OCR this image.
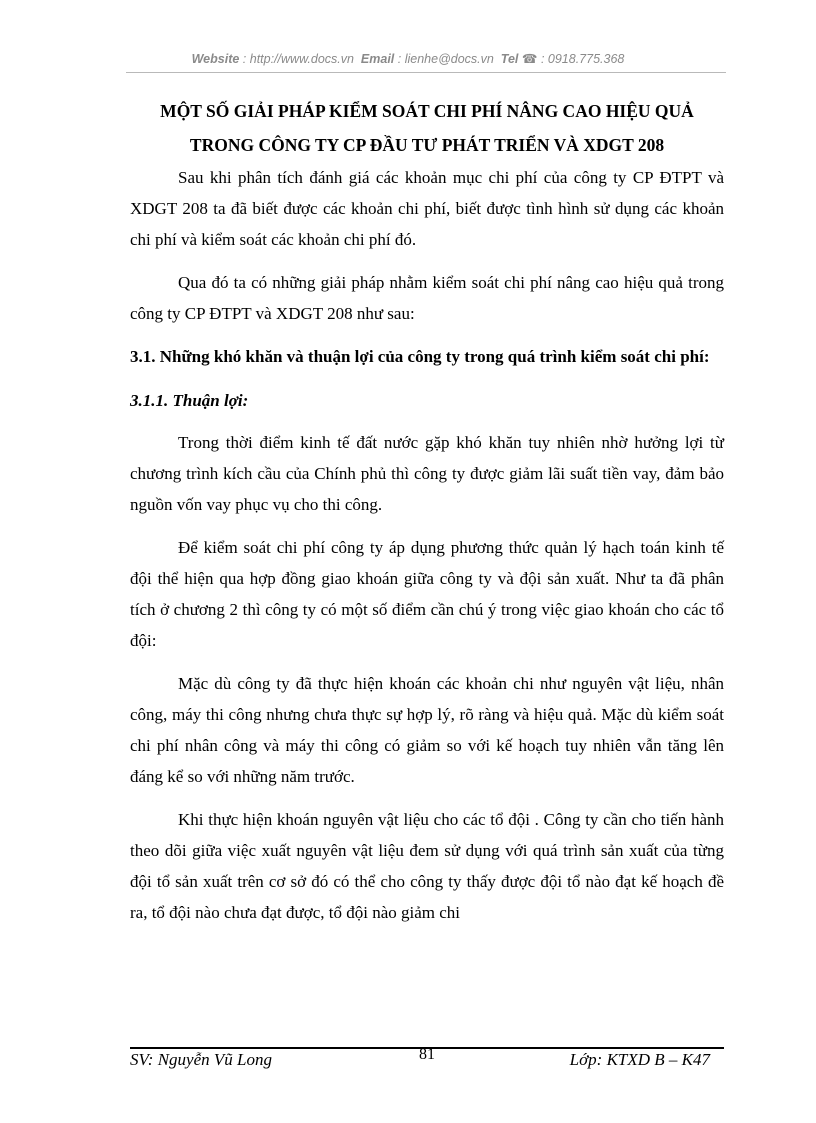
Website : http://www.docs.vn Email : lienhe@docs.vn Tel ☎ : 0918.775.368

MỘT SỐ GIẢI PHÁP KIỂM SOÁT CHI PHÍ NÂNG CAO HIỆU QUẢ
TRONG CÔNG TY CP ĐẦU TƯ PHÁT TRIỂN VÀ XDGT 208

Sau khi phân tích đánh giá các khoản mục chi phí của công ty CP ĐTPT và XDGT 208 ta đã biết được các khoản chi phí, biết được tình hình sử dụng các khoản chi phí và kiểm soát các khoản chi phí đó.

Qua đó ta có những giải pháp nhằm kiểm soát chi phí nâng cao hiệu quả trong công ty CP ĐTPT và XDGT 208 như sau:

3.1. Những khó khăn và thuận lợi của công ty trong quá trình kiểm soát chi phí:

3.1.1. Thuận lợi:

Trong thời điểm kinh tế đất nước gặp khó khăn tuy nhiên nhờ hưởng lợi từ chương trình kích cầu của Chính phủ thì công ty được giảm lãi suất tiền vay, đảm bảo nguồn vốn vay phục vụ cho thi công.

Để kiểm soát chi phí công ty áp dụng phương thức quản lý hạch toán kinh tế đội thể hiện qua hợp đồng giao khoán giữa công ty và đội sản xuất. Như ta đã phân tích ở chương 2 thì công ty có một số điểm cần chú ý trong việc giao khoán cho các tổ đội:

Mặc dù công ty đã thực hiện khoán các khoản chi như nguyên vật liệu, nhân công, máy thi công nhưng chưa thực sự hợp lý, rõ ràng và hiệu quả. Mặc dù kiểm soát chi phí nhân công và máy thi công có giảm so với kế hoạch tuy nhiên vẫn tăng lên đáng kể so với những năm trước.

Khi thực hiện khoán nguyên vật liệu cho các tổ đội . Công ty cần cho tiến hành theo dõi giữa việc xuất nguyên vật liệu đem sử dụng với quá trình sản xuất của từng đội tổ sản xuất trên cơ sở đó có thể cho công ty thấy được đội tổ nào đạt kế hoạch đề ra, tổ đội nào chưa đạt được, tổ đội nào giảm chi

SV: Nguyễn Vũ Long	81	Lớp: KTXD B – K47
